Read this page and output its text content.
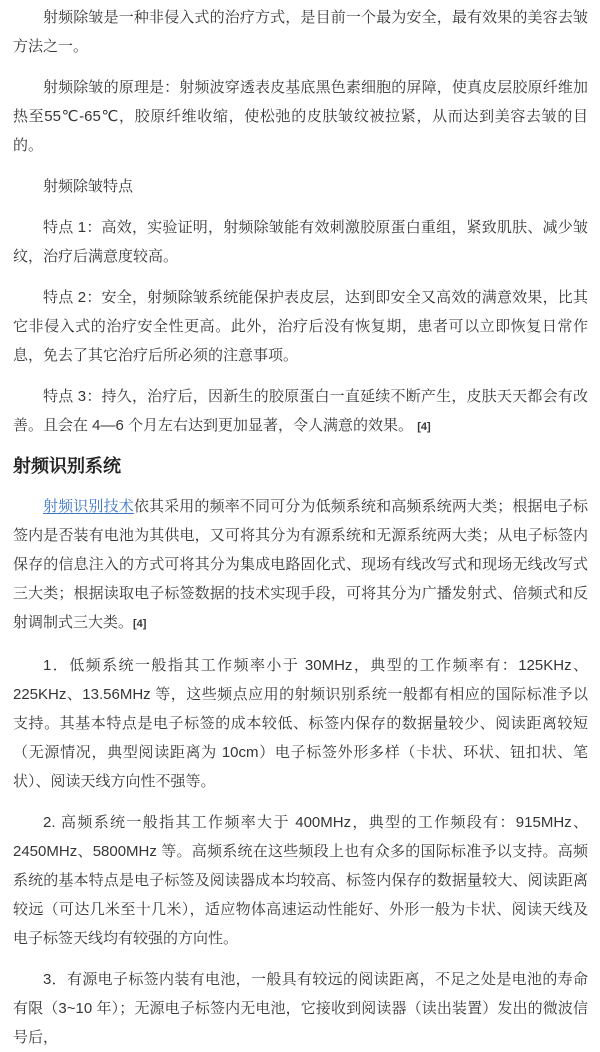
射频除皱是一种非侵入式的治疗方式，是目前一个最为安全，最有效果的美容去皱方法之一。

射频除皱的原理是：射频波穿透表皮基底黑色素细胞的屏障，使真皮层胶原纤维加热至55℃-65℃，胶原纤维收缩，使松弛的皮肤皱纹被拉紧，从而达到美容去皱的目的。

射频除皱特点

特点 1：高效，实验证明，射频除皱能有效刺激胶原蛋白重组，紧致肌肤、减少皱纹，治疗后满意度较高。

特点 2：安全，射频除皱系统能保护表皮层，达到即安全又高效的满意效果，比其它非侵入式的治疗安全性更高。此外，治疗后没有恢复期，患者可以立即恢复日常作息，免去了其它治疗后所必须的注意事项。

特点 3：持久，治疗后，因新生的胶原蛋白一直延续不断产生，皮肤天天都会有改善。且会在 4—6 个月左右达到更加显著，令人满意的效果。 [4]

射频识别系统

射频识别技术依其采用的频率不同可分为低频系统和高频系统两大类；根据电子标签内是否装有电池为其供电，又可将其分为有源系统和无源系统两大类；从电子标签内保存的信息注入的方式可将其分为集成电路固化式、现场有线改写式和现场无线改写式三大类；根据读取电子标签数据的技术实现手段，可将其分为广播发射式、倍频式和反射调制式三大类。[4]

1．低频系统一般指其工作频率小于 30MHz，典型的工作频率有：125KHz、225KHz、13.56MHz 等，这些频点应用的射频识别系统一般都有相应的国际标准予以支持。其基本特点是电子标签的成本较低、标签内保存的数据量较少、阅读距离较短（无源情况，典型阅读距离为 10cm）电子标签外形多样（卡状、环状、钮扣状、笔状）、阅读天线方向性不强等。

2. 高频系统一般指其工作频率大于 400MHz，典型的工作频段有：915MHz、2450MHz、5800MHz 等。高频系统在这些频段上也有众多的国际标准予以支持。高频系统的基本特点是电子标签及阅读器成本均较高、标签内保存的数据量较大、阅读距离较远（可达几米至十几米），适应物体高速运动性能好、外形一般为卡状、阅读天线及电子标签天线均有较强的方向性。

3．有源电子标签内装有电池，一般具有较远的阅读距离，不足之处是电池的寿命有限（3~10 年）；无源电子标签内无电池，它接收到阅读器（读出装置）发出的微波信号后，
